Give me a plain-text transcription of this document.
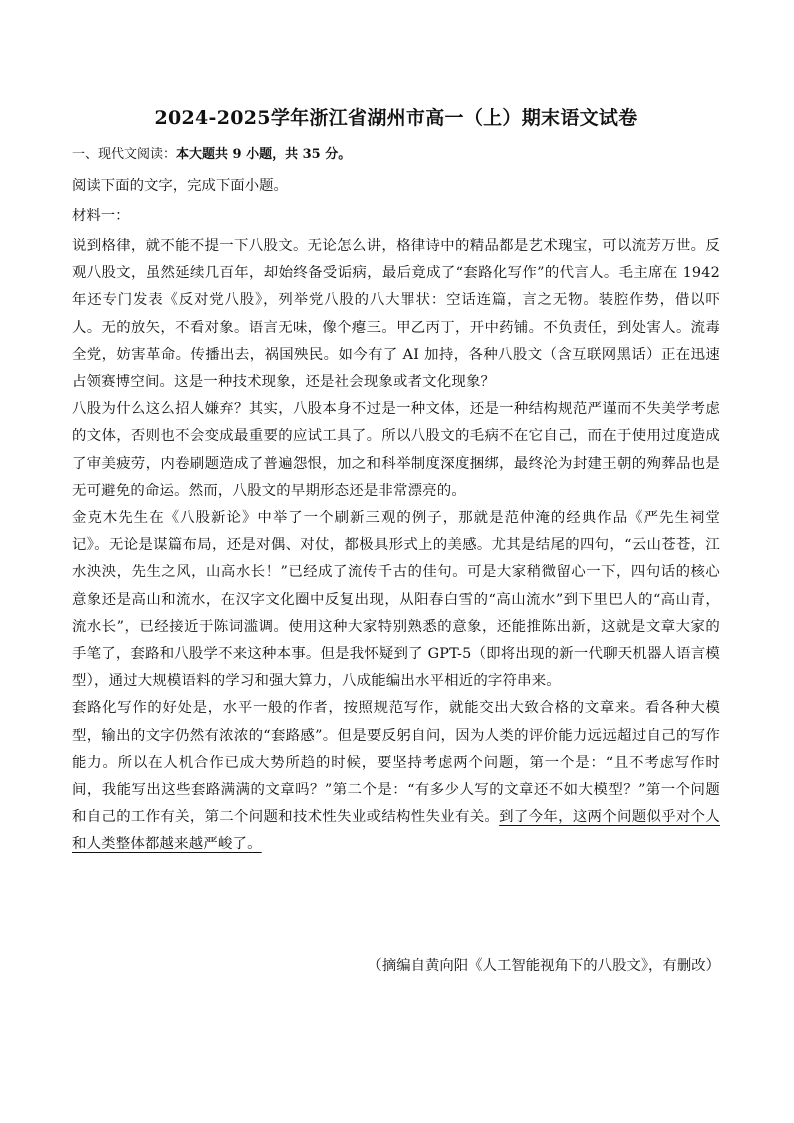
2024-2025学年浙江省湖州市高一（上）期末语文试卷
一、现代文阅读：本大题共 9 小题，共 35 分。
阅读下面的文字，完成下面小题。
材料一：

说到格律，就不能不提一下八股文。无论怎么讲，格律诗中的精品都是艺术瑰宝，可以流芳万世。反观八股文，虽然延续几百年，却始终备受诟病，最后竟成了“套路化写作”的代言人。毛主席在 1942 年还专门发表《反对党八股》，列举党八股的八大罪状：空话连篇，言之无物。装腔作势，借以吓人。无的放矢，不看对象。语言无味，像个瘪三。甲乙丙丁，开中药铺。不负责任，到处害人。流毒全党，妨害革命。传播出去，祸国殃民。如今有了 AI 加持，各种八股文（含互联网黑话）正在迅速占领赛博空间。这是一种技术现象，还是社会现象或者文化现象？

八股为什么这么招人嫌弃？其实，八股本身不过是一种文体，还是一种结构规范严谨而不失美学考虑的文体，否则也不会变成最重要的应试工具了。所以八股文的毛病不在它自己，而在于使用过度造成了审美疲劳，内卷刷题造成了普遍怨恨，加之和科举制度深度捆绑，最终沦为封建王朝的殉葬品也是无可避免的命运。然而，八股文的早期形态还是非常漂亮的。

金克木先生在《八股新论》中举了一个刷新三观的例子，那就是范仲淹的经典作品《严先生祠堂记》。无论是谋篇布局，还是对偶、对仗，都极具形式上的美感。尤其是结尾的四句，“云山苍苍，江水泱泱，先生之风，山高水长！”已经成了流传千古的佳句。可是大家稍微留心一下，四句话的核心意象还是高山和流水，在汉字文化圈中反复出现，从阳春白雪的“高山流水”到下里巴人的“高山青，流水长”，已经接近于陈词滥调。使用这种大家特别熟悉的意象，还能推陈出新，这就是文章大家的手笔了，套路和八股学不来这种本事。但是我怀疑到了 GPT-5（即将出现的新一代聊天机器人语言模型），通过大规模语料的学习和强大算力，八成能编出水平相近的字符串来。

套路化写作的好处是，水平一般的作者，按照规范写作，就能交出大致合格的文章来。看各种大模型，输出的文字仍然有浓浓的“套路感”。但是要反躬自问，因为人类的评价能力远远超过自己的写作能力。所以在人机合作已成大势所趋的时候，要坚持考虑两个问题，第一个是：“且不考虑写作时间，我能写出这些套路满满的文章吗？”第二个是：“有多少人写的文章还不如大模型？”第一个问题和自己的工作有关，第二个问题和技术性失业或结构性失业有关。到了今年，这两个问题似乎对个人和人类整体都越来越严峻了。

（摘编自黄向阳《人工智能视角下的八股文》，有删改）
